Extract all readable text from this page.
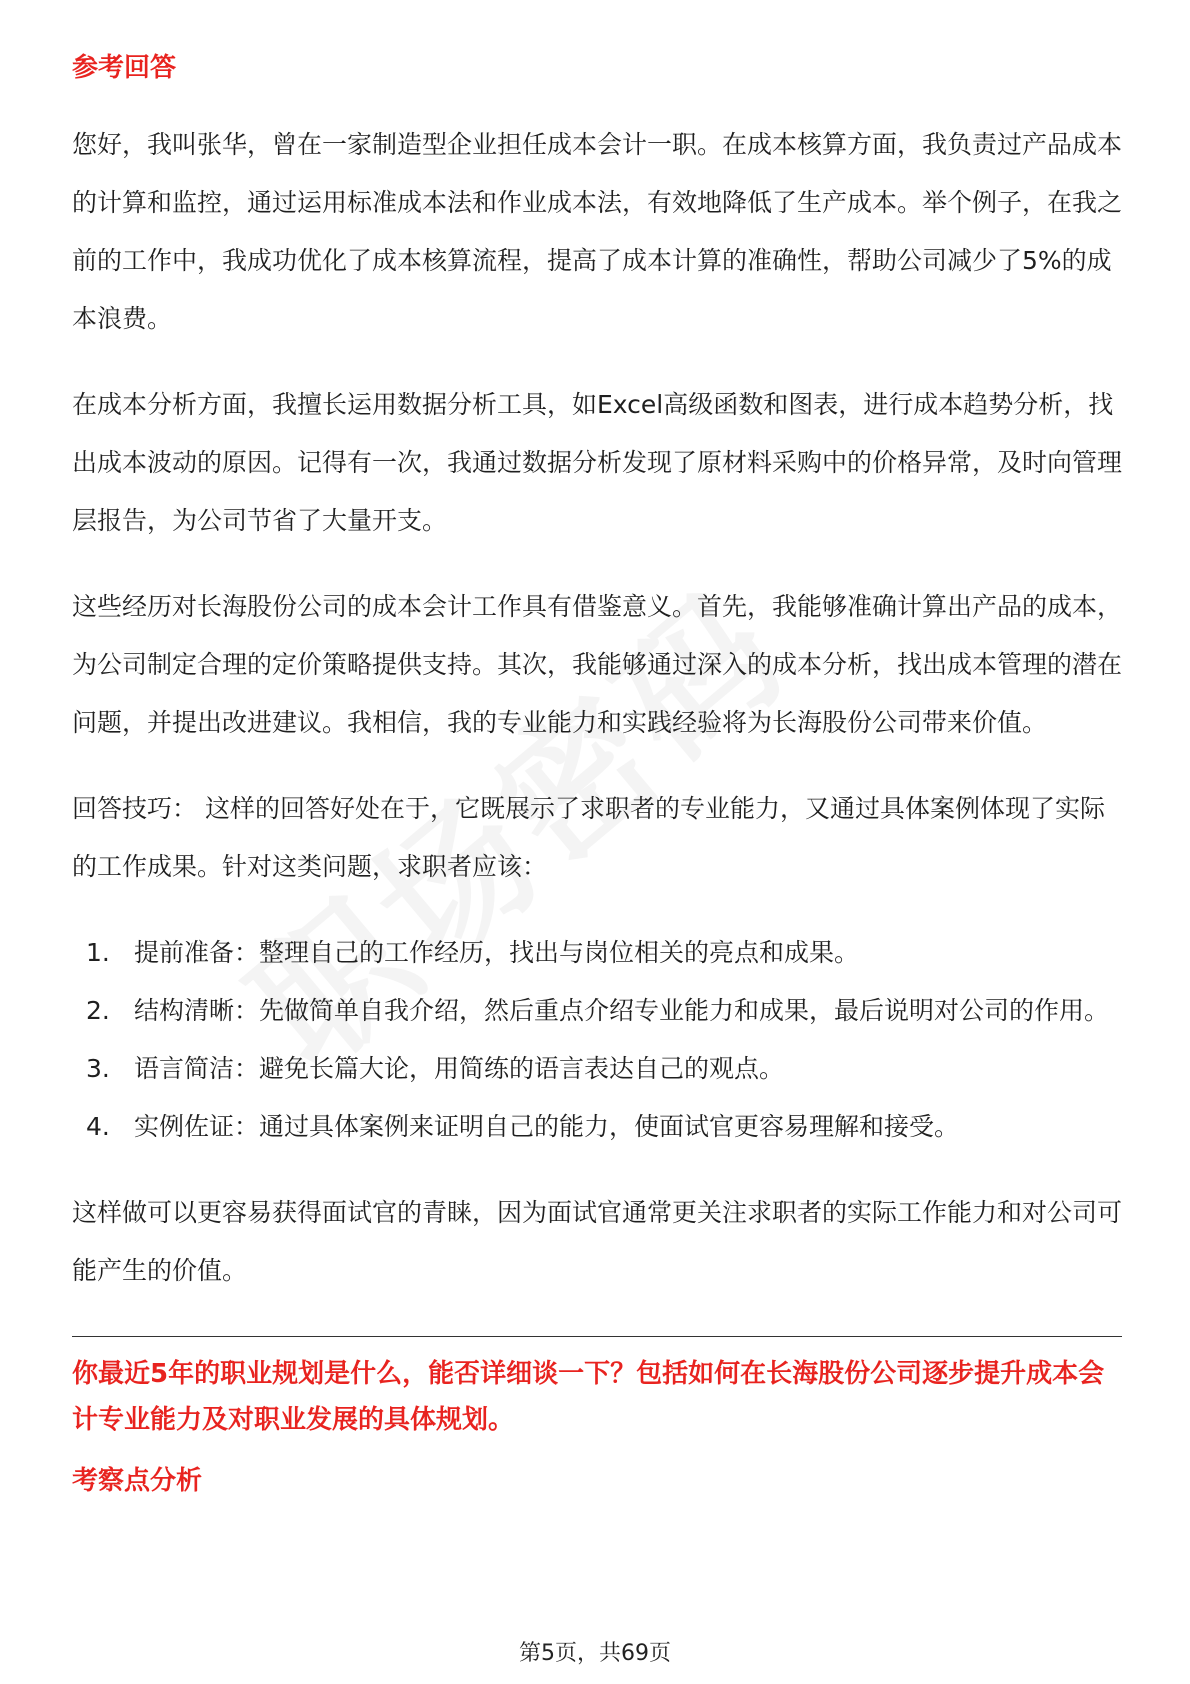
参考回答

您好，我叫张华，曾在一家制造型企业担任成本会计一职。在成本核算方面，我负责过产品成本的计算和监控，通过运用标准成本法和作业成本法，有效地降低了生产成本。举个例子，在我之前的工作中，我成功优化了成本核算流程，提高了成本计算的准确性，帮助公司减少了5%的成本浪费。

在成本分析方面，我擅长运用数据分析工具，如Excel高级函数和图表，进行成本趋势分析，找出成本波动的原因。记得有一次，我通过数据分析发现了原材料采购中的价格异常，及时向管理层报告，为公司节省了大量开支。

这些经历对长海股份公司的成本会计工作具有借鉴意义。首先，我能够准确计算出产品的成本，为公司制定合理的定价策略提供支持。其次，我能够通过深入的成本分析，找出成本管理的潜在问题，并提出改进建议。我相信，我的专业能力和实践经验将为长海股份公司带来价值。

回答技巧： 这样的回答好处在于，它既展示了求职者的专业能力，又通过具体案例体现了实际的工作成果。针对这类问题，求职者应该：

1. 提前准备：整理自己的工作经历，找出与岗位相关的亮点和成果。
2. 结构清晰：先做简单自我介绍，然后重点介绍专业能力和成果，最后说明对公司的作用。
3. 语言简洁：避免长篇大论，用简练的语言表达自己的观点。
4. 实例佐证：通过具体案例来证明自己的能力，使面试官更容易理解和接受。

这样做可以更容易获得面试官的青睐，因为面试官通常更关注求职者的实际工作能力和对公司可能产生的价值。

你最近5年的职业规划是什么，能否详细谈一下？包括如何在长海股份公司逐步提升成本会计专业能力及对职业发展的具体规划。

考察点分析
第5页，共69页
